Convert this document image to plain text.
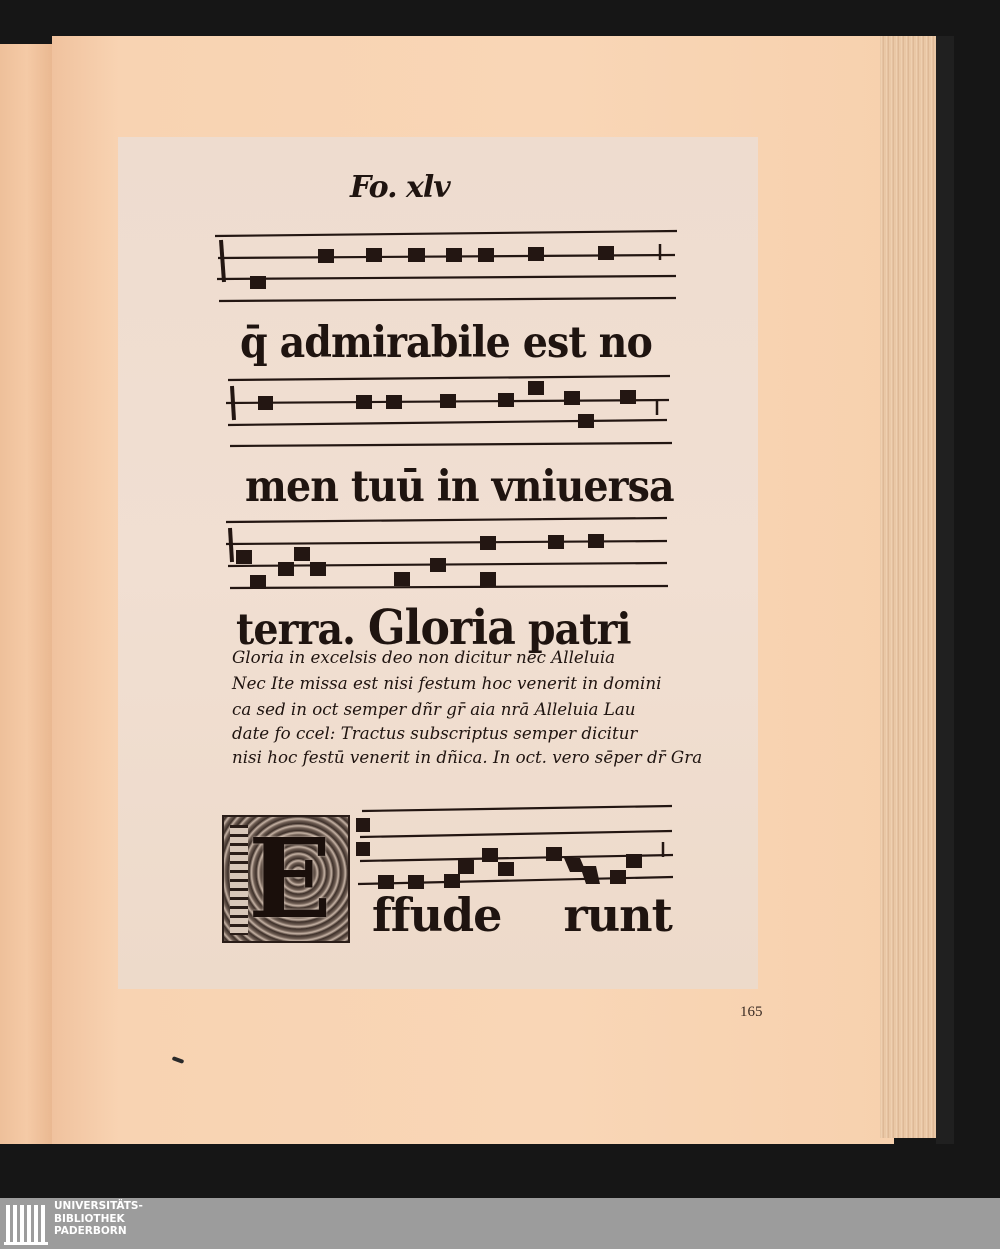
Fo. xlv
q̄ admirabile est no
men tuū in vniuersa
terra. Gloria patri
Gloria in excelsis deo non dicitur nec Alleluia
Nec Ite missa est nisi festum hoc venerit in domini
ca sed in oct semper dñr gr̄ aia nrā Alleluia Lau
date fo ccel: Tractus subscriptus semper dicitur
nisi hoc festū venerit in dñica. In oct. vero sēper dr̄ Gra
E ffude runt
165
UNIVERSITÄTS-
BIBLIOTHEK
PADERBORN
